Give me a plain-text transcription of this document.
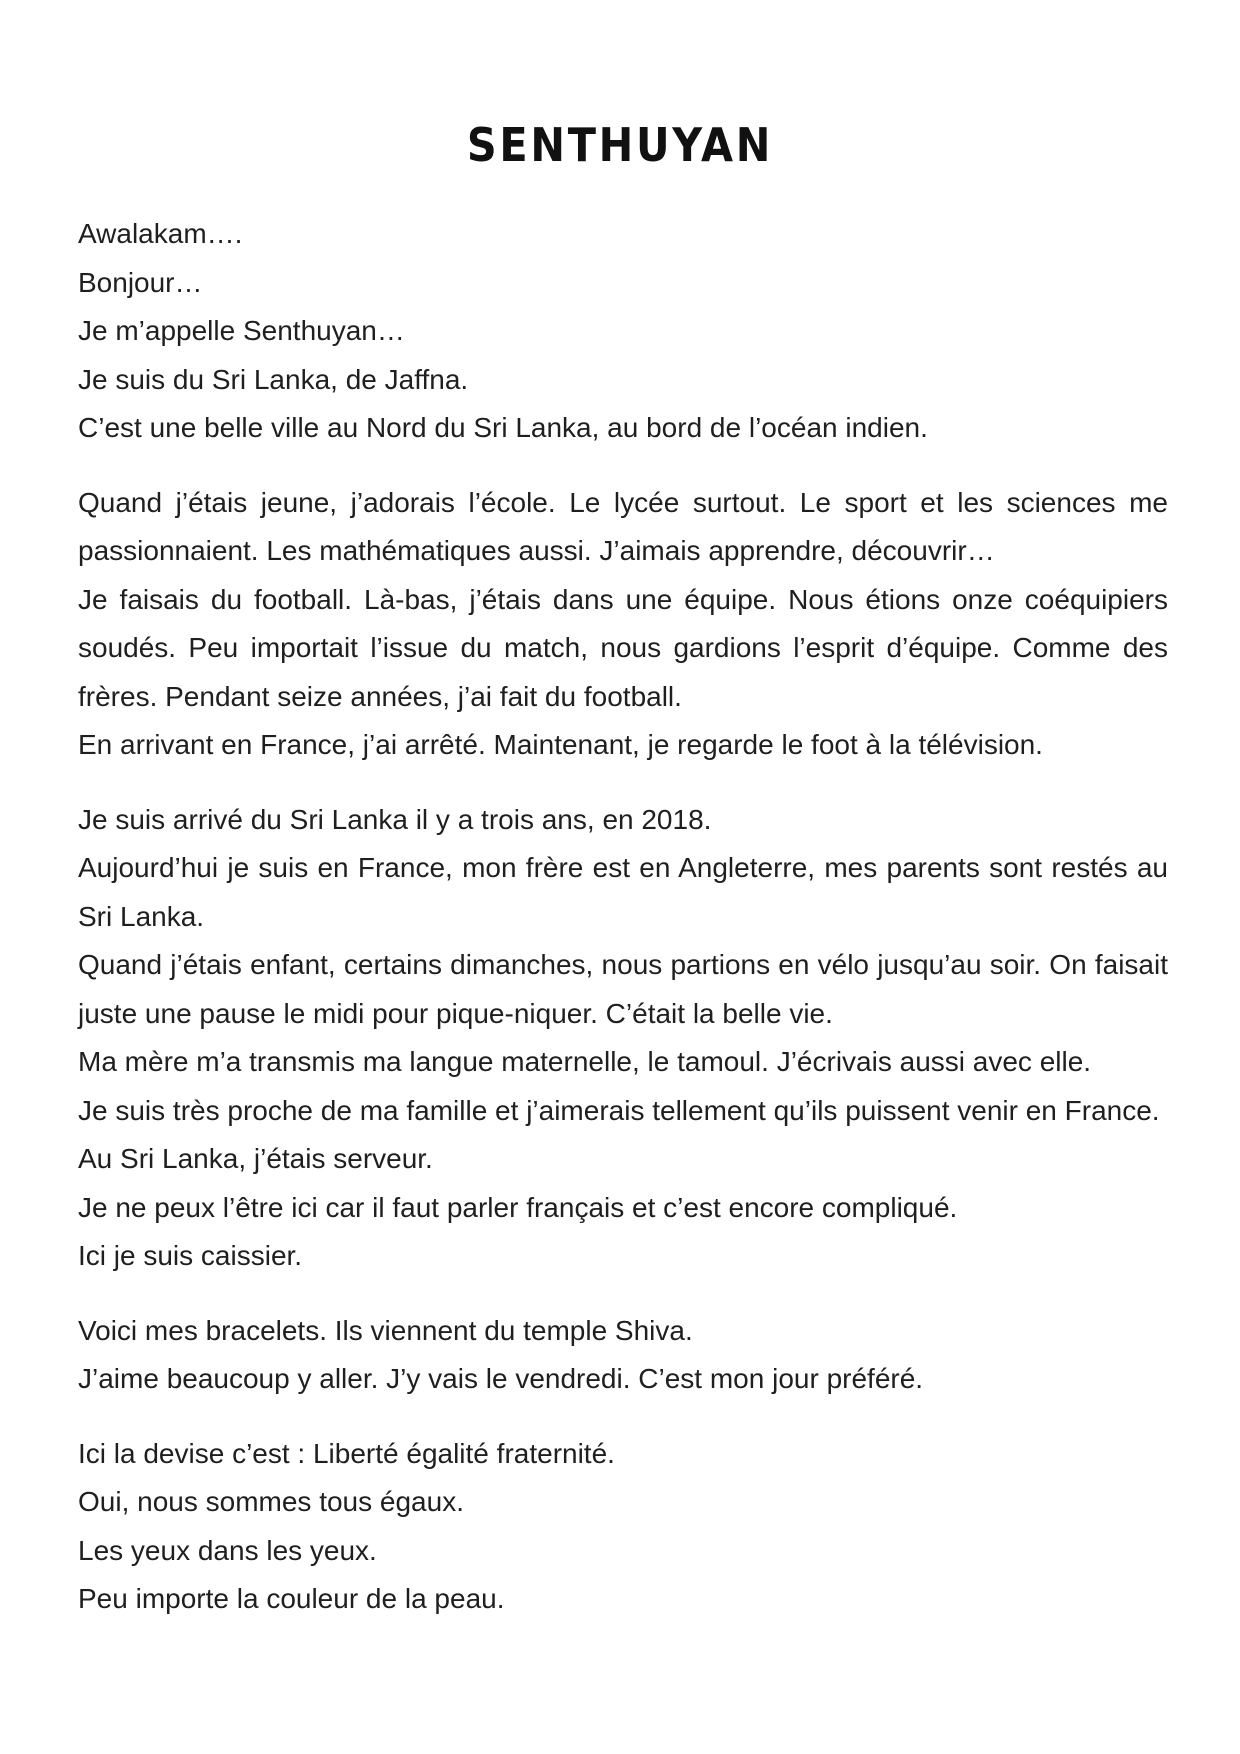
SENTHUYAN
Awalakam….
Bonjour…
Je m’appelle Senthuyan…
Je suis du Sri Lanka, de Jaffna.
C’est une belle ville au Nord du Sri Lanka, au bord de l’océan indien.
Quand j’étais jeune, j’adorais l’école. Le lycée surtout. Le sport et les sciences me passionnaient. Les mathématiques aussi. J’aimais apprendre, découvrir…
Je faisais du football. Là-bas, j’étais dans une équipe. Nous étions onze coéquipiers soudés. Peu importait l’issue du match, nous gardions l’esprit d’équipe. Comme des frères. Pendant seize années, j’ai fait du football.
En arrivant en France, j’ai arrêté. Maintenant, je regarde le foot à la télévision.
Je suis arrivé du Sri Lanka il y a trois ans, en 2018.
Aujourd’hui je suis en France, mon frère est en Angleterre, mes parents sont restés au Sri Lanka.
Quand j’étais enfant, certains dimanches, nous partions en vélo jusqu’au soir. On faisait juste une pause le midi pour pique-niquer. C’était la belle vie.
Ma mère m’a transmis ma langue maternelle, le tamoul. J’écrivais aussi avec elle.
Je suis très proche de ma famille et j’aimerais tellement qu’ils puissent venir en France.
Au Sri Lanka, j’étais serveur.
Je ne peux l’être ici car il faut parler français et c’est encore compliqué.
Ici je suis caissier.
Voici mes bracelets. Ils viennent du temple Shiva.
J’aime beaucoup y aller. J’y vais le vendredi. C’est mon jour préféré.
Ici la devise c’est : Liberté égalité fraternité.
Oui, nous sommes tous égaux.
Les yeux dans les yeux.
Peu importe la couleur de la peau.
